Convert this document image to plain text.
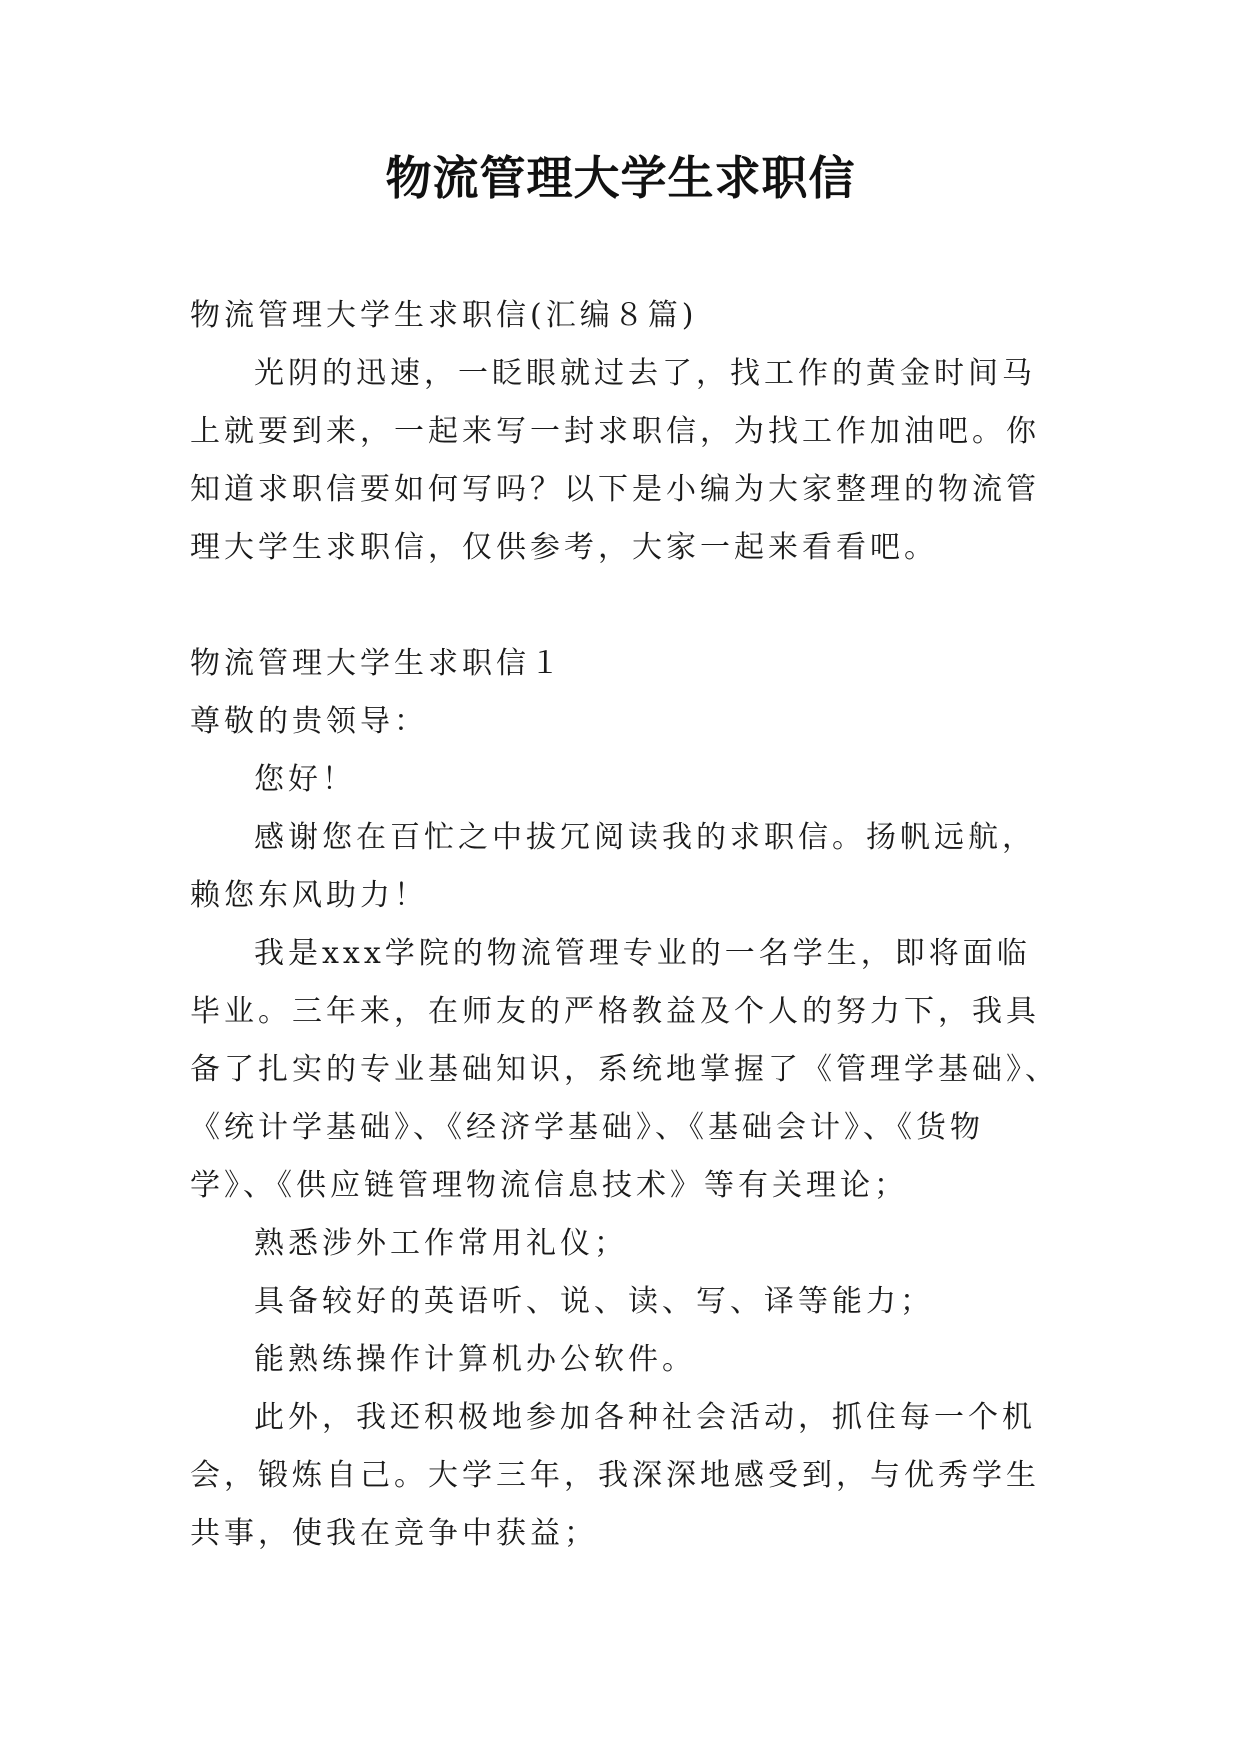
物流管理大学生求职信

物流管理大学生求职信(汇编８篇)

光阴的迅速，一眨眼就过去了，找工作的黄金时间马上就要到来，一起来写一封求职信，为找工作加油吧。你知道求职信要如何写吗？以下是小编为大家整理的物流管理大学生求职信，仅供参考，大家一起来看看吧。

物流管理大学生求职信１

尊敬的贵领导：

您好！

感谢您在百忙之中拔冗阅读我的求职信。扬帆远航，赖您东风助力！

我是xxx学院的物流管理专业的一名学生，即将面临毕业。三年来，在师友的严格教益及个人的努力下，我具备了扎实的专业基础知识，系统地掌握了《管理学基础》、《统计学基础》、《经济学基础》、《基础会计》、《货物学》、《供应链管理物流信息技术》等有关理论；

熟悉涉外工作常用礼仪；

具备较好的英语听、说、读、写、译等能力；

能熟练操作计算机办公软件。

此外，我还积极地参加各种社会活动，抓住每一个机会，锻炼自己。大学三年，我深深地感受到，与优秀学生共事，使我在竞争中获益；
